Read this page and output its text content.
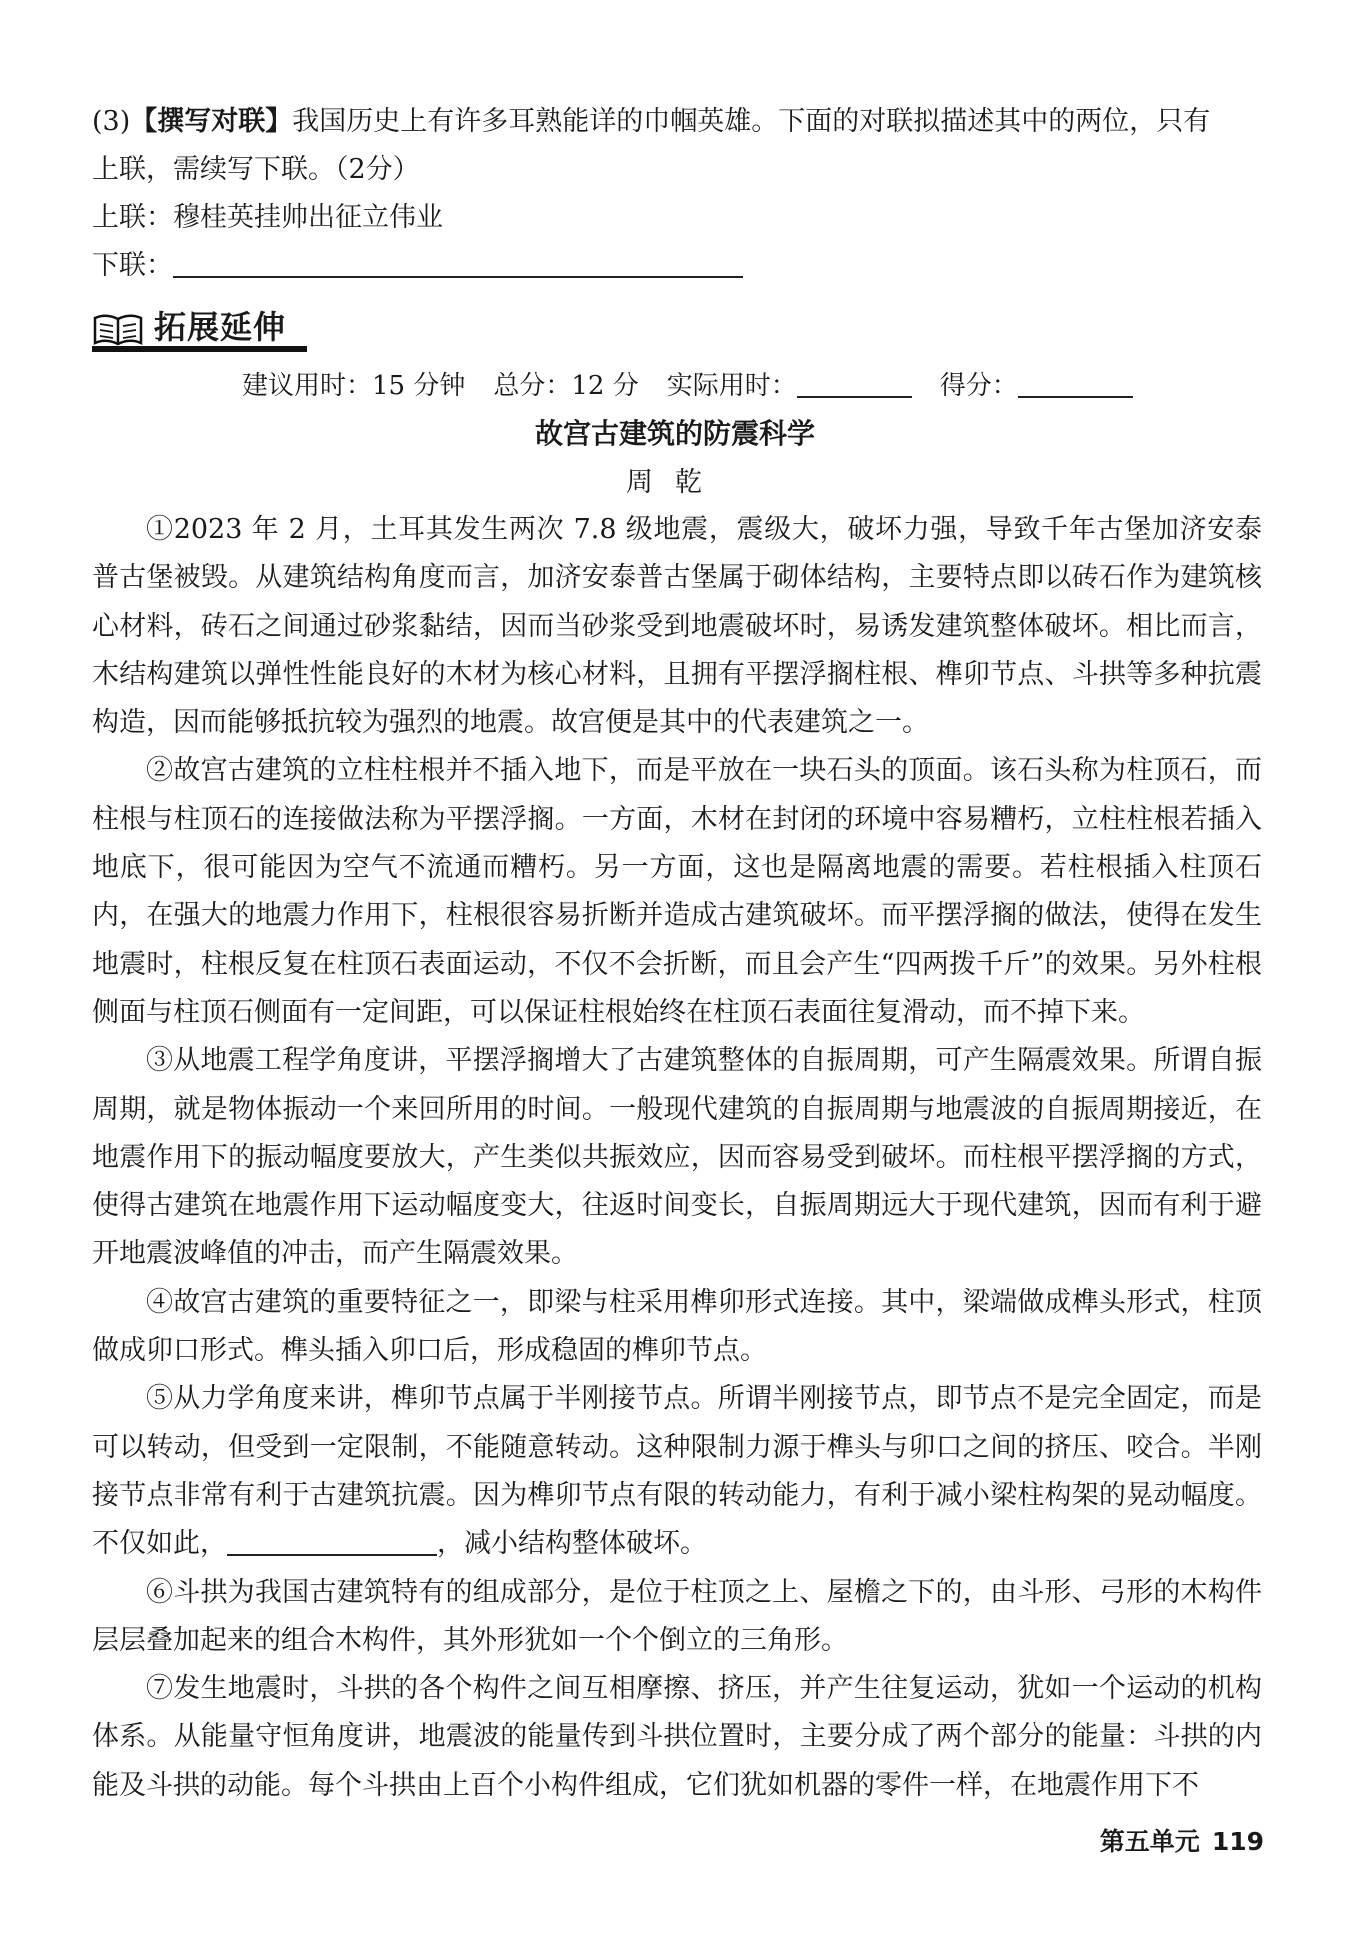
(3)【撰写对联】我国历史上有许多耳熟能详的巾帼英雄。下面的对联拟描述其中的两位，只有
上联，需续写下联。（2分）
上联：穆桂英挂帅出征立伟业
下联：
拓展延伸
建议用时：15 分钟 总分：12 分 实际用时：	得分：
故宫古建筑的防震科学
周乾

①2023 年 2 月，土耳其发生两次 7.8 级地震，震级大，破坏力强，导致千年古堡加济安泰普古堡被毁。从建筑结构角度而言，加济安泰普古堡属于砌体结构，主要特点即以砖石作为建筑核心材料，砖石之间通过砂浆黏结，因而当砂浆受到地震破坏时，易诱发建筑整体破坏。相比而言，木结构建筑以弹性性能良好的木材为核心材料，且拥有平摆浮搁柱根、榫卯节点、斗拱等多种抗震构造，因而能够抵抗较为强烈的地震。故宫便是其中的代表建筑之一。

②故宫古建筑的立柱柱根并不插入地下，而是平放在一块石头的顶面。该石头称为柱顶石，而柱根与柱顶石的连接做法称为平摆浮搁。一方面，木材在封闭的环境中容易糟朽，立柱柱根若插入地底下，很可能因为空气不流通而糟朽。另一方面，这也是隔离地震的需要。若柱根插入柱顶石内，在强大的地震力作用下，柱根很容易折断并造成古建筑破坏。而平摆浮搁的做法，使得在发生地震时，柱根反复在柱顶石表面运动，不仅不会折断，而且会产生“四两拨千斤”的效果。另外柱根侧面与柱顶石侧面有一定间距，可以保证柱根始终在柱顶石表面往复滑动，而不掉下来。

③从地震工程学角度讲，平摆浮搁增大了古建筑整体的自振周期，可产生隔震效果。所谓自振周期，就是物体振动一个来回所用的时间。一般现代建筑的自振周期与地震波的自振周期接近，在地震作用下的振动幅度要放大，产生类似共振效应，因而容易受到破坏。而柱根平摆浮搁的方式，使得古建筑在地震作用下运动幅度变大，往返时间变长，自振周期远大于现代建筑，因而有利于避开地震波峰值的冲击，而产生隔震效果。

④故宫古建筑的重要特征之一，即梁与柱采用榫卯形式连接。其中，梁端做成榫头形式，柱顶做成卯口形式。榫头插入卯口后，形成稳固的榫卯节点。

⑤从力学角度来讲，榫卯节点属于半刚接节点。所谓半刚接节点，即节点不是完全固定，而是可以转动，但受到一定限制，不能随意转动。这种限制力源于榫头与卯口之间的挤压、咬合。半刚接节点非常有利于古建筑抗震。因为榫卯节点有限的转动能力，有利于减小梁柱构架的晃动幅度。不仅如此，	，减小结构整体破坏。

⑥斗拱为我国古建筑特有的组成部分，是位于柱顶之上、屋檐之下的，由斗形、弓形的木构件层层叠加起来的组合木构件，其外形犹如一个个倒立的三角形。

⑦发生地震时，斗拱的各个构件之间互相摩擦、挤压，并产生往复运动，犹如一个运动的机构体系。从能量守恒角度讲，地震波的能量传到斗拱位置时，主要分成了两个部分的能量：斗拱的内能及斗拱的动能。每个斗拱由上百个小构件组成，它们犹如机器的零件一样，在地震作用下不

第五单元 119
